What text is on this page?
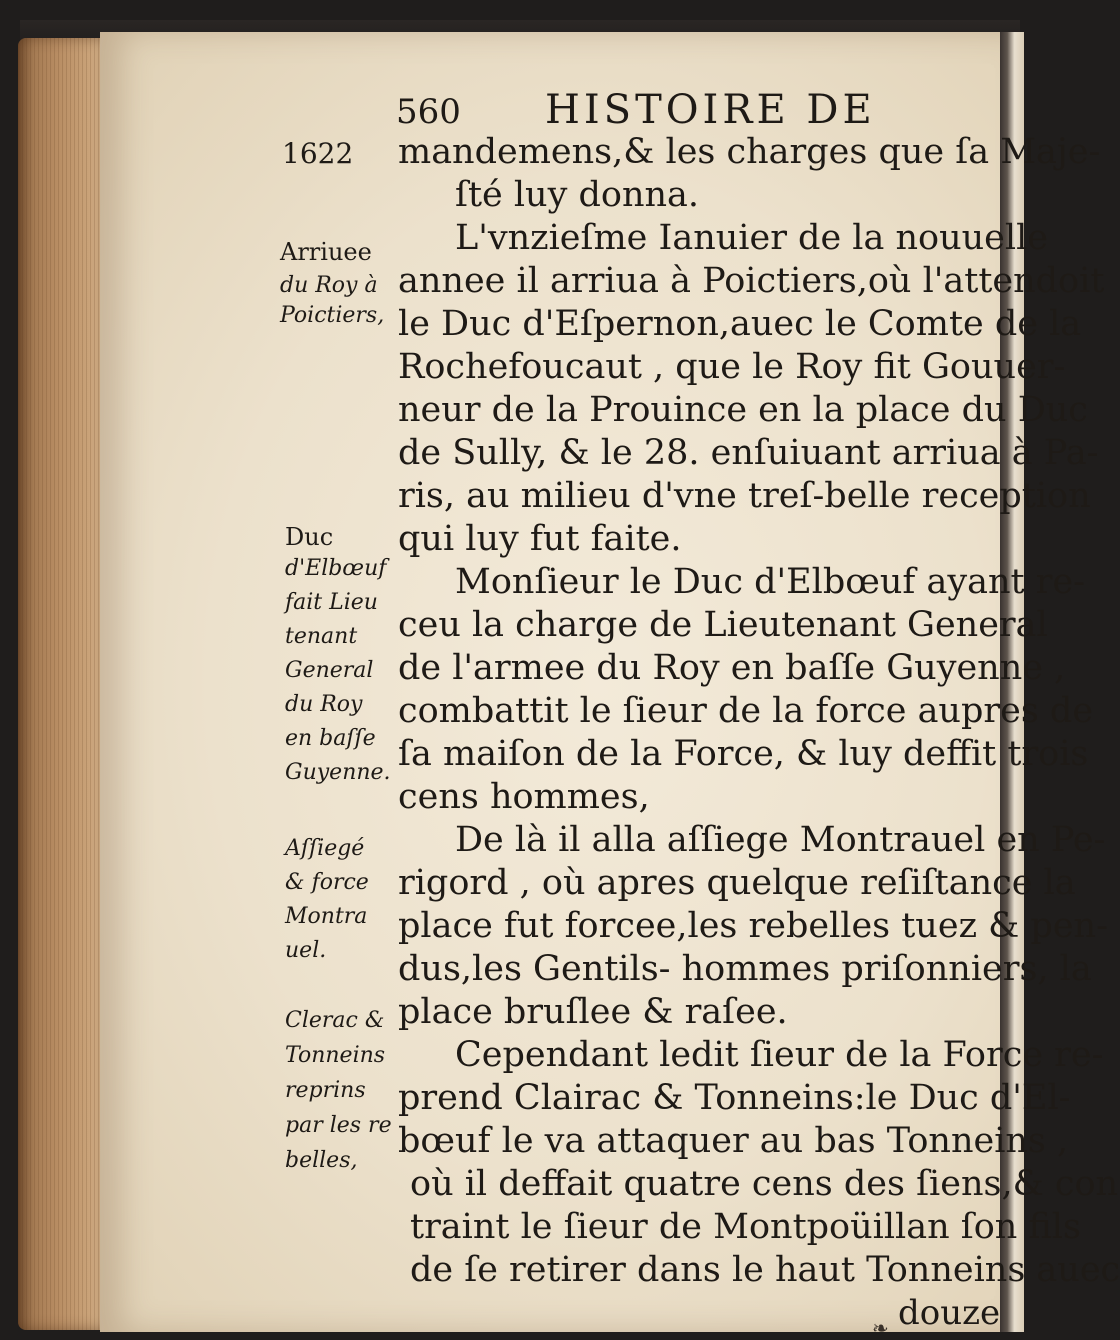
560 HISTOIRE DE
1622 mandemens,& les charges que ſa Maje-
ſté luy donna.
L'vnzieſme Ianuier de la nouuelle
annee il arriua à Poictiers,où l'attendoit
le Duc d'Eſpernon,auec le Comte de la
Rochefoucaut , que le Roy fit Gouuer-
neur de la Prouince en la place du Duc
de Sully, & le 28. enſuiuant arriua à Pa-
ris, au milieu d'vne treſ-belle reception
qui luy fut faite.
Monſieur le Duc d'Elbœuf ayant re-
ceu la charge de Lieutenant General
de l'armee du Roy en baſſe Guyenne ,
combattit le ſieur de la force aupres de
ſa maiſon de la Force, & luy deffit trois
cens hommes,
De là il alla aſſiege Montrauel en Pe-
rigord , où apres quelque reſiſtance la
place fut forcee,les rebelles tuez & pen-
dus,les Gentils- hommes priſonniers, la
place bruſlee & raſee.
Cependant ledit ſieur de la Force re-
prend Clairac & Tonneins:le Duc d'El-
bœuf le va attaquer au bas Tonneins ,
où il deffait quatre cens des ſiens,& con
traint le ſieur de Montpoüillan ſon fils
de ſe retirer dans le haut Tonneins auec
douze
❧
Arriuee
du Roy à
Poictiers,
Duc
d'Elbœuf
fait Lieu
tenant
General
du Roy
en baſſe
Guyenne.
Aſſiegé
& force
Montra
uel.
Clerac &
Tonneins
reprins
par les re
belles,
